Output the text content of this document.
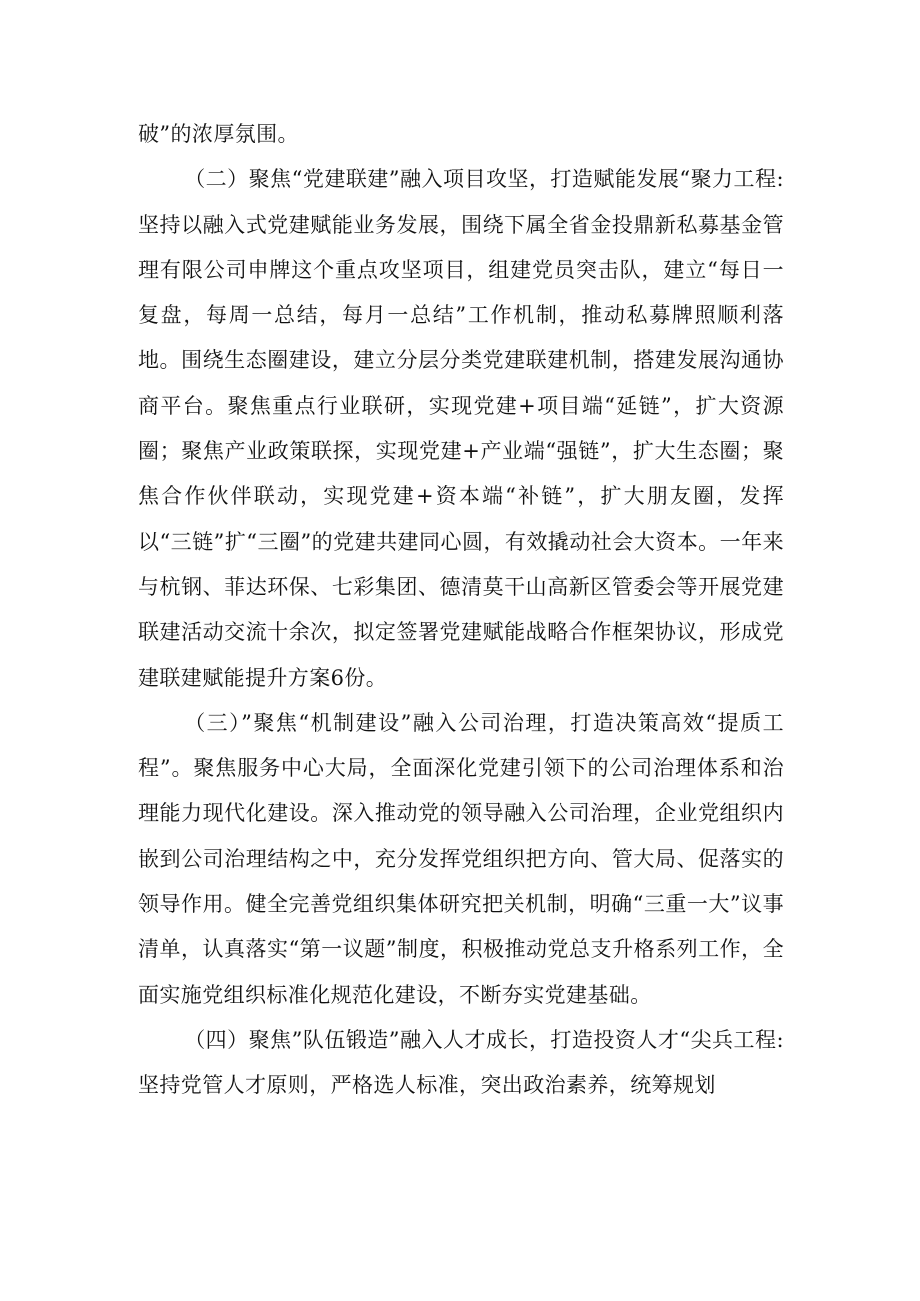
破”的浓厚氛围。

（二）聚焦“党建联建”融入项目攻坚，打造赋能发展“聚力工程:坚持以融入式党建赋能业务发展，围绕下属全省金投鼎新私募基金管理有限公司申牌这个重点攻坚项目，组建党员突击队，建立“每日一复盘，每周一总结，每月一总结”工作机制，推动私募牌照顺利落地。围绕生态圈建设，建立分层分类党建联建机制，搭建发展沟通协商平台。聚焦重点行业联研，实现党建+项目端“延链”，扩大资源圈；聚焦产业政策联探，实现党建+产业端“强链”，扩大生态圈；聚焦合作伙伴联动，实现党建+资本端“补链”，扩大朋友圈，发挥以“三链”扩“三圈”的党建共建同心圆，有效撬动社会大资本。一年来与杭钢、菲达环保、七彩集团、德清莫干山高新区管委会等开展党建联建活动交流十余次，拟定签署党建赋能战略合作框架协议，形成党建联建赋能提升方案6份。

（三）”聚焦“机制建设”融入公司治理，打造决策高效“提质工程”。聚焦服务中心大局，全面深化党建引领下的公司治理体系和治理能力现代化建设。深入推动党的领导融入公司治理，企业党组织内嵌到公司治理结构之中，充分发挥党组织把方向、管大局、促落实的领导作用。健全完善党组织集体研究把关机制，明确“三重一大”议事清单，认真落实“第一议题”制度，积极推动党总支升格系列工作，全面实施党组织标准化规范化建设，不断夯实党建基础。

（四）聚焦”队伍锻造”融入人才成长，打造投资人才“尖兵工程:坚持党管人才原则，严格选人标准，突出政治素养，统筹规划
